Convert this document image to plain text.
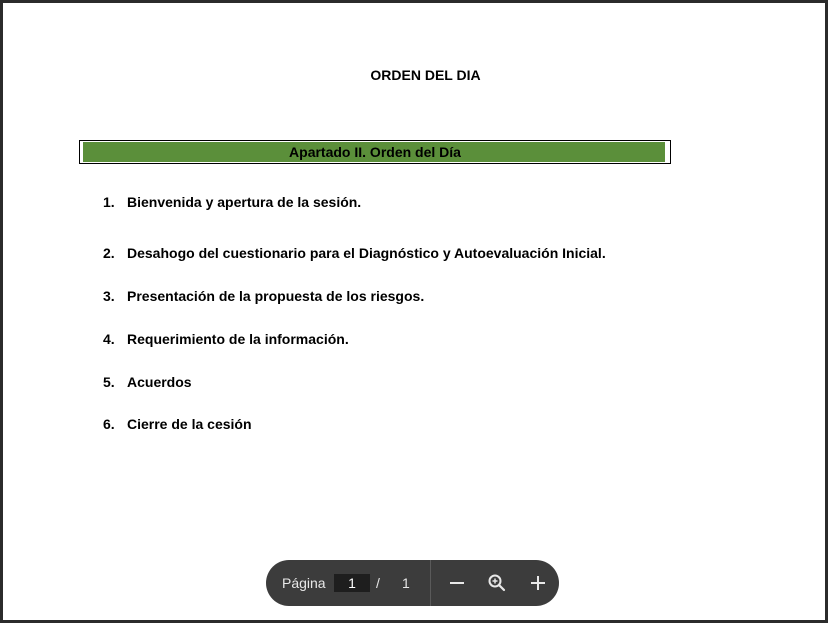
ORDEN DEL DIA
Apartado II. Orden del Día
1. Bienvenida y apertura de la sesión.
2. Desahogo del cuestionario para el Diagnóstico y Autoevaluación Inicial.
3. Presentación de la propuesta de los riesgos.
4. Requerimiento de la información.
5. Acuerdos
6. Cierre de la cesión
Página
1	/ 1
